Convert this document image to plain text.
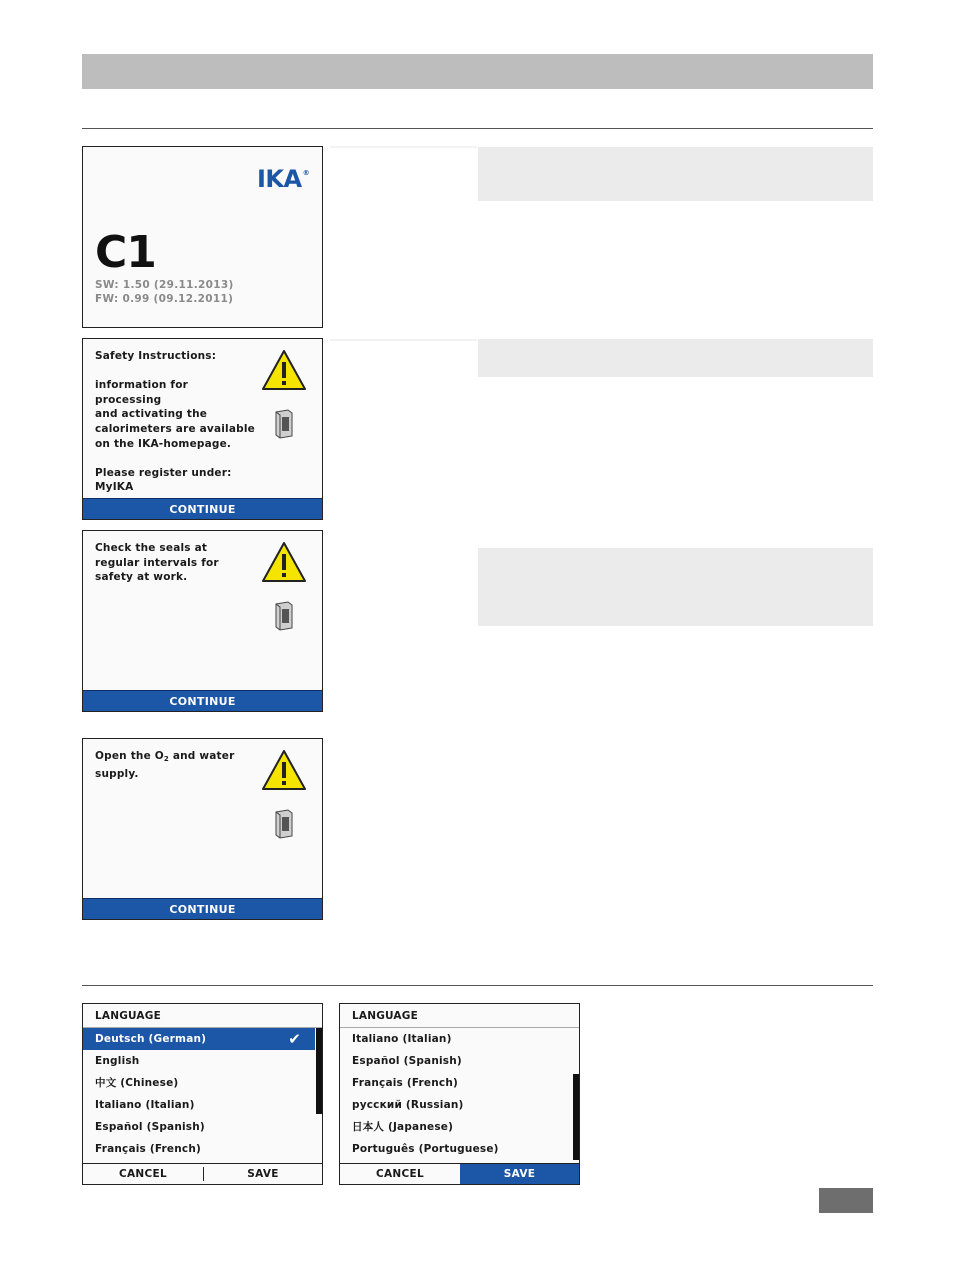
IKA®
C1
SW: 1.50 (29.11.2013)
FW: 0.99 (09.12.2011)
Safety Instructions:

information for processing
and activating the
calorimeters are available
on the IKA-homepage.

Please register under:
MyIKA
CONTINUE
Check the seals at
regular intervals for
safety at work.
CONTINUE
Open the $O_2$ and water
supply.
CONTINUE
LANGUAGE
Deutsch (German)	✔
English
中文 (Chinese)
Italiano (Italian)
Español (Spanish)
Français (French)
CANCEL	SAVE
LANGUAGE
Italiano (Italian)
Español (Spanish)
Français (French)
русский (Russian)
日本人 (Japanese)
Português (Portuguese)
CANCEL	SAVE
